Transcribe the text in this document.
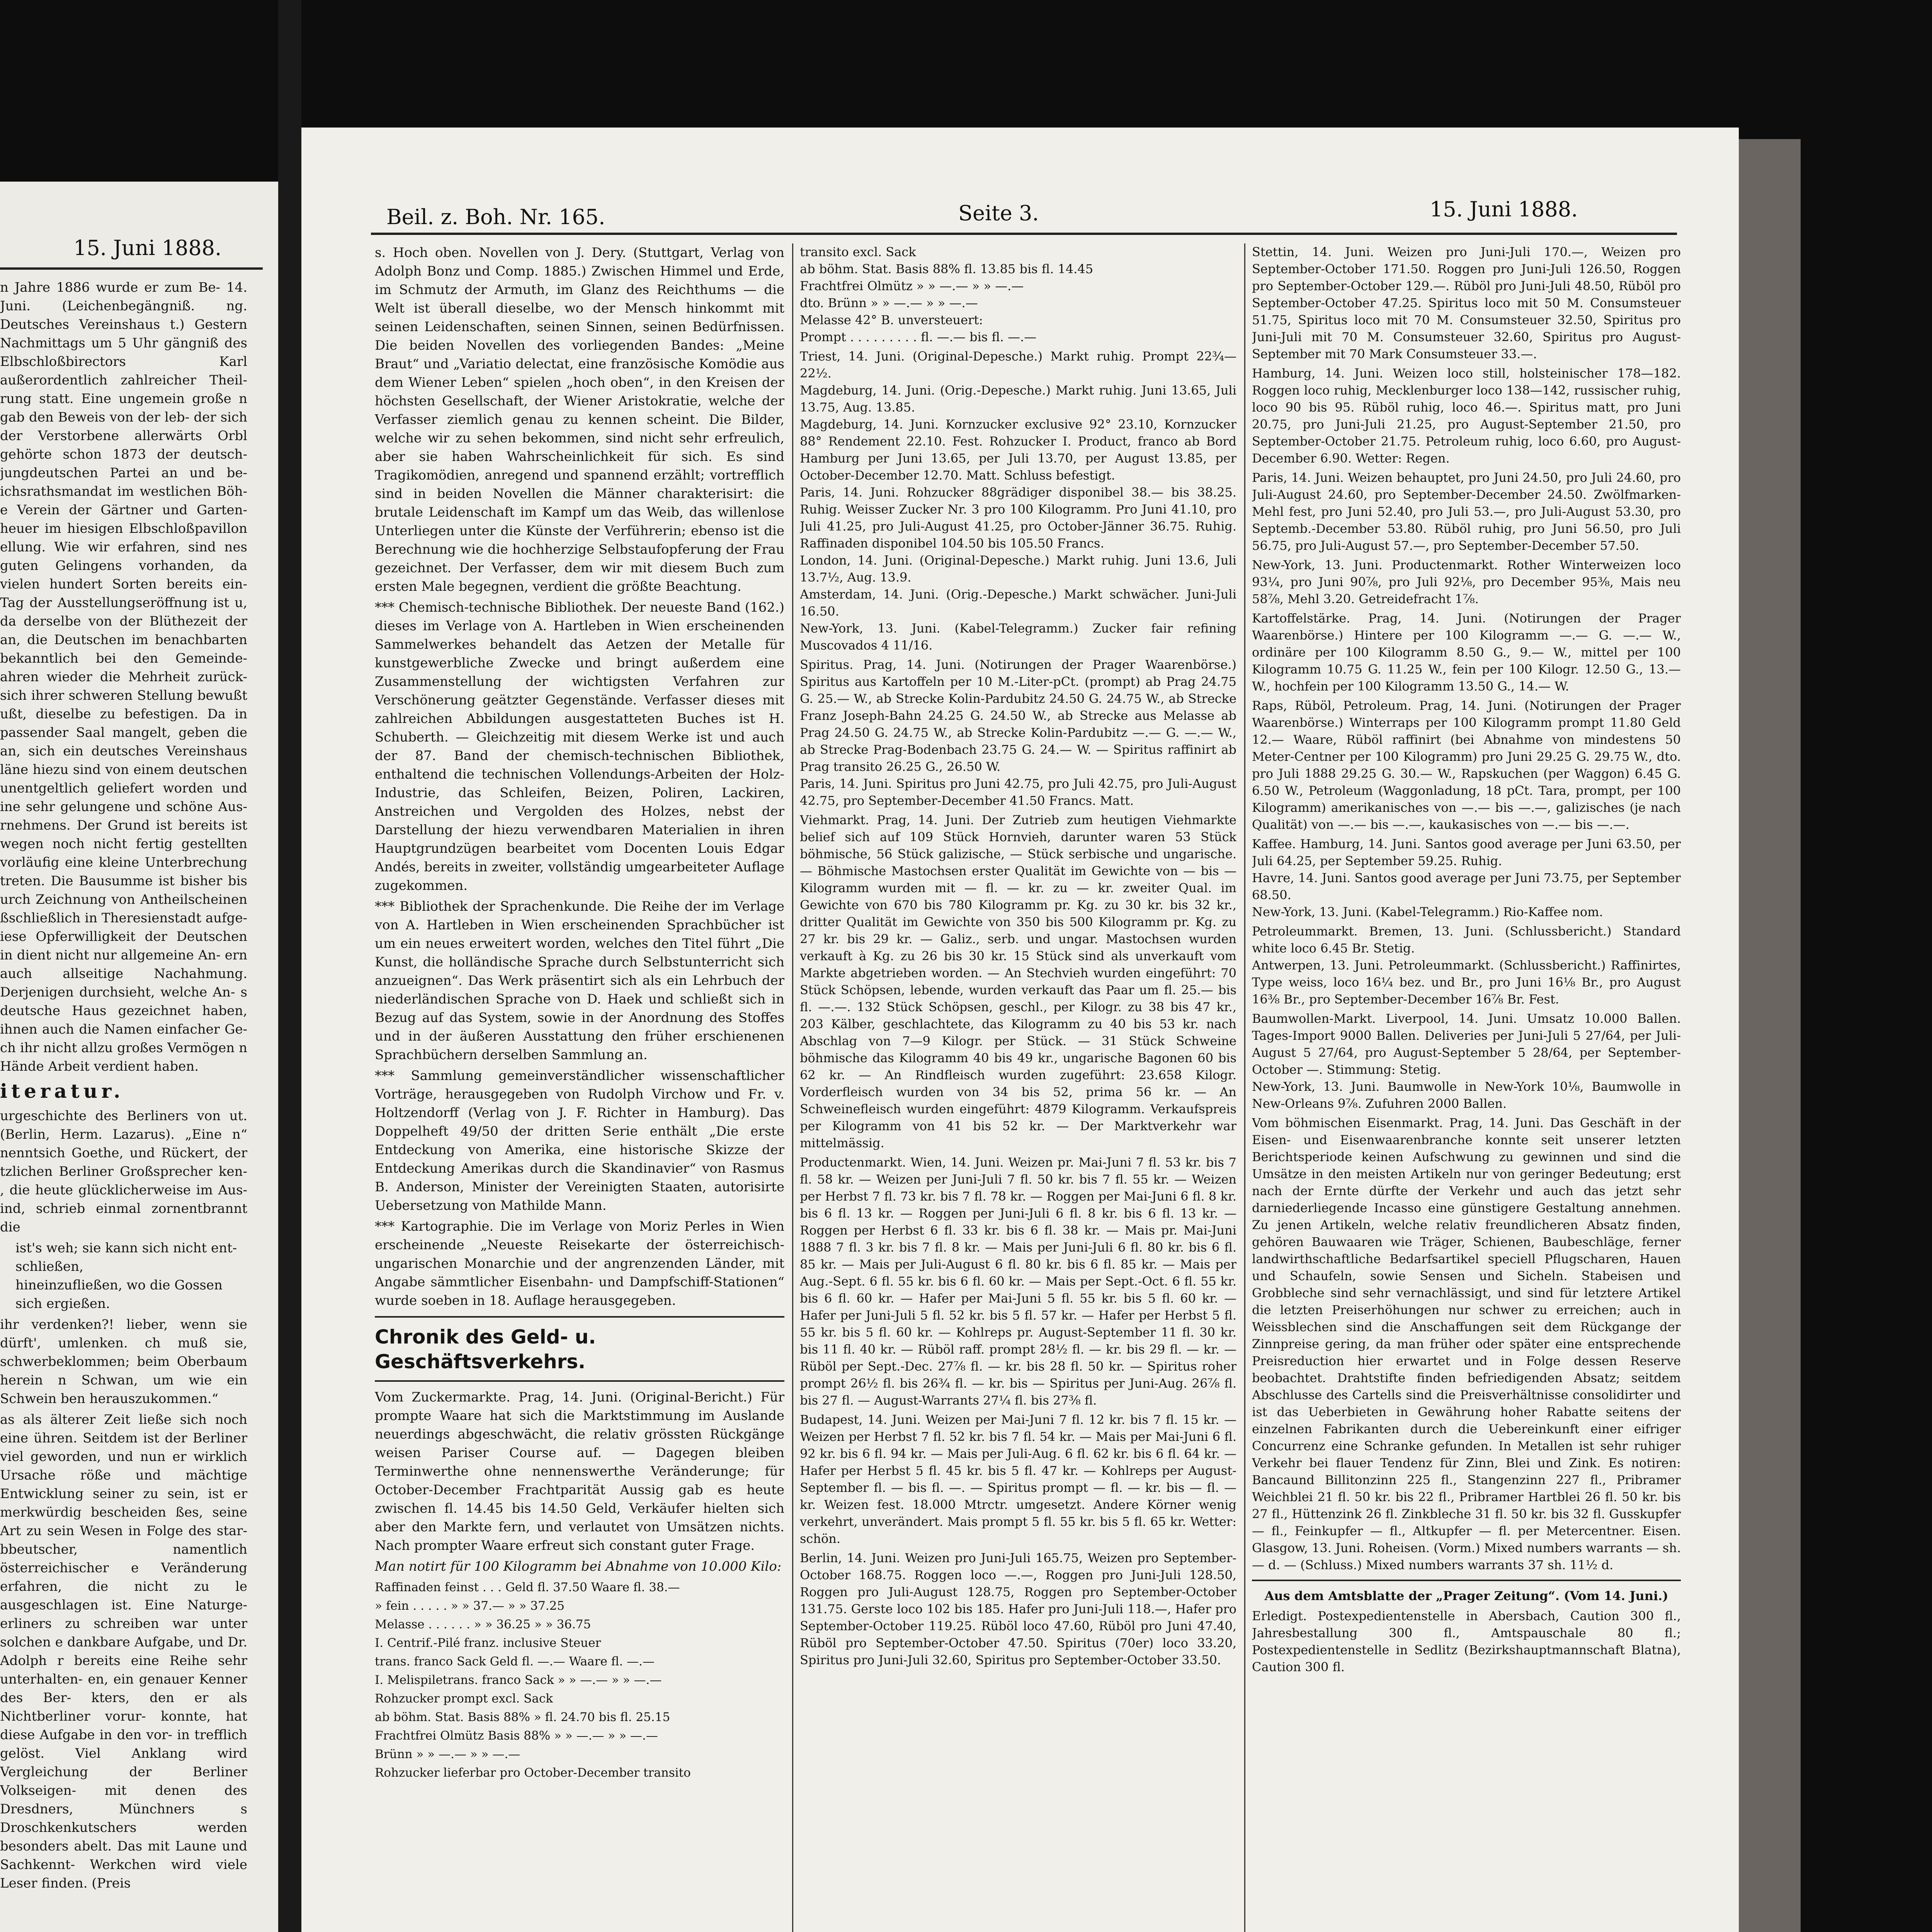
15. Juni 1888.

n Jahre 1886 wurde er zum Be- 14. Juni. (Leichenbegängniß. ng. Deutsches Vereinshaus t.) Gestern Nachmittags um 5 Uhr gängniß des Elbschloßbirectors Karl außerordentlich zahlreicher Theil- rung statt. Eine ungemein große n gab den Beweis von der leb- der sich der Verstorbene allerwärts Orbl gehörte schon 1873 der deutsch- jungdeutschen Partei an und be- ichsrathsmandat im westlichen Böh- e Verein der Gärtner und Garten- heuer im hiesigen Elbschloßpavillon ellung. Wie wir erfahren, sind nes guten Gelingens vorhanden, da vielen hundert Sorten bereits ein- Tag der Ausstellungseröffnung ist u, da derselbe von der Blüthezeit der an, die Deutschen im benachbarten bekanntlich bei den Gemeinde- ahren wieder die Mehrheit zurück- sich ihrer schweren Stellung bewußt ußt, dieselbe zu befestigen. Da in passender Saal mangelt, geben die an, sich ein deutsches Vereinshaus läne hiezu sind von einem deutschen unentgeltlich geliefert worden und ine sehr gelungene und schöne Aus- rnehmens. Der Grund ist bereits ist wegen noch nicht fertig gestellten vorläufig eine kleine Unterbrechung treten. Die Bausumme ist bisher bis urch Zeichnung von Antheilscheinen ßschließlich in Theresienstadt aufge- iese Opferwilligkeit der Deutschen in dient nicht nur allgemeine An- ern auch allseitige Nachahmung. Derjenigen durchsieht, welche An- s deutsche Haus gezeichnet haben, ihnen auch die Namen einfacher Ge- ch ihr nicht allzu großes Vermögen n Hände Arbeit verdient haben.

iteratur.

urgeschichte des Berliners von ut. (Berlin, Herm. Lazarus). „Eine n“ nenntsich Goethe, und Rückert, der tzlichen Berliner Großsprecher ken- , die heute glücklicherweise im Aus- ind, schrieb einmal zornentbrannt die

ist's weh; sie kann sich nicht ent- schließen,
hineinzufließen, wo die Gossen sich ergießen.

ihr verdenken?! lieber, wenn sie dürft', umlenken. ch muß sie, schwerbeklommen; beim Oberbaum herein n Schwan, um wie ein Schwein ben herauszukommen.“

as als älterer Zeit ließe sich noch eine ühren. Seitdem ist der Berliner viel geworden, und nun er wirklich Ursache röße und mächtige Entwicklung seiner zu sein, ist er merkwürdig bescheiden ßes, seine Art zu sein Wesen in Folge des star- bbeutscher, namentlich österreichischer e Veränderung erfahren, die nicht zu le ausgeschlagen ist. Eine Naturge- erliners zu schreiben war unter solchen e dankbare Aufgabe, und Dr. Adolph r bereits eine Reihe sehr unterhalten- en, ein genauer Kenner des Ber- kters, den er als Nichtberliner vorur- konnte, hat diese Aufgabe in den vor- in trefflich gelöst. Viel Anklang wird Vergleichung der Berliner Volkseigen- mit denen des Dresdners, Münchners s Droschkenkutschers werden besonders abelt. Das mit Laune und Sachkennt- Werkchen wird viele Leser finden. (Preis

Beil. z. Boh. Nr. 165.	Seite 3.	15. Juni 1888.

s. Hoch oben. Novellen von J. Dery. (Stuttgart, Verlag von Adolph Bonz und Comp. 1885.) Zwischen Himmel und Erde, im Schmutz der Armuth, im Glanz des Reichthums — die Welt ist überall dieselbe, wo der Mensch hinkommt mit seinen Leidenschaften, seinen Sinnen, seinen Bedürfnissen. Die beiden Novellen des vorliegenden Bandes: „Meine Braut“ und „Variatio delectat, eine französische Komödie aus dem Wiener Leben“ spielen „hoch oben“, in den Kreisen der höchsten Gesellschaft, der Wiener Aristokratie, welche der Verfasser ziemlich genau zu kennen scheint. Die Bilder, welche wir zu sehen bekommen, sind nicht sehr erfreulich, aber sie haben Wahrscheinlichkeit für sich. Es sind Tragikomödien, anregend und spannend erzählt; vortrefflich sind in beiden Novellen die Männer charakterisirt: die brutale Leidenschaft im Kampf um das Weib, das willenlose Unterliegen unter die Künste der Verführerin; ebenso ist die Berechnung wie die hochherzige Selbstaufopferung der Frau gezeichnet. Der Verfasser, dem wir mit diesem Buch zum ersten Male begegnen, verdient die größte Beachtung.

*** Chemisch-technische Bibliothek. Der neueste Band (162.) dieses im Verlage von A. Hartleben in Wien erscheinenden Sammelwerkes behandelt das Aetzen der Metalle für kunstgewerbliche Zwecke und bringt außerdem eine Zusammenstellung der wichtigsten Verfahren zur Verschönerung geätzter Gegenstände. Verfasser dieses mit zahlreichen Abbildungen ausgestatteten Buches ist H. Schuberth. — Gleichzeitig mit diesem Werke ist und auch der 87. Band der chemisch-technischen Bibliothek, enthaltend die technischen Vollendungs-Arbeiten der Holz-Industrie, das Schleifen, Beizen, Poliren, Lackiren, Anstreichen und Vergolden des Holzes, nebst der Darstellung der hiezu verwendbaren Materialien in ihren Hauptgrundzügen bearbeitet vom Docenten Louis Edgar Andés, bereits in zweiter, vollständig umgearbeiteter Auflage zugekommen.

*** Bibliothek der Sprachenkunde. Die Reihe der im Verlage von A. Hartleben in Wien erscheinenden Sprachbücher ist um ein neues erweitert worden, welches den Titel führt „Die Kunst, die holländische Sprache durch Selbstunterricht sich anzueignen“. Das Werk präsentirt sich als ein Lehrbuch der niederländischen Sprache von D. Haek und schließt sich in Bezug auf das System, sowie in der Anordnung des Stoffes und in der äußeren Ausstattung den früher erschienenen Sprachbüchern derselben Sammlung an.

*** Sammlung gemeinverständlicher wissenschaftlicher Vorträge, herausgegeben von Rudolph Virchow und Fr. v. Holtzendorff (Verlag von J. F. Richter in Hamburg). Das Doppelheft 49/50 der dritten Serie enthält „Die erste Entdeckung von Amerika, eine historische Skizze der Entdeckung Amerikas durch die Skandinavier“ von Rasmus B. Anderson, Minister der Vereinigten Staaten, autorisirte Uebersetzung von Mathilde Mann.

*** Kartographie. Die im Verlage von Moriz Perles in Wien erscheinende „Neueste Reisekarte der österreichisch-ungarischen Monarchie und der angrenzenden Länder, mit Angabe sämmtlicher Eisenbahn- und Dampfschiff-Stationen“ wurde soeben in 18. Auflage herausgegeben.

Chronik des Geld- u. Geschäftsverkehrs.

Vom Zuckermarkte. Prag, 14. Juni. (Original-Bericht.) Für prompte Waare hat sich die Marktstimmung im Auslande neuerdings abgeschwächt, die relativ grössten Rückgänge weisen Pariser Course auf. — Dagegen bleiben Terminwerthe ohne nennenswerthe Veränderunge; für October-December Frachtparität Aussig gab es heute zwischen fl. 14.45 bis 14.50 Geld, Verkäufer hielten sich aber den Markte fern, und verlautet von Umsätzen nichts. Nach prompter Waare erfreut sich constant guter Frage.

Man notirt für 100 Kilogramm bei Abnahme von 10.000 Kilo:

Raffinaden feinst . . . Geld fl. 37.50 Waare fl. 38.—
» fein . . . . . » » 37.— » » 37.25
Melasse . . . . . . » » 36.25 » » 36.75
I. Centrif.-Pilé franz. inclusive Steuer
trans. franco Sack Geld fl. —.— Waare fl. —.—
I. Melispiletrans. franco Sack » » —.— » » —.—
Rohzucker prompt excl. Sack
ab böhm. Stat. Basis 88% » fl. 24.70 bis fl. 25.15
Frachtfrei Olmütz Basis 88% » » —.— » » —.—
Brünn » » —.— » » —.—
Rohzucker lieferbar pro October-December transito

transito excl. Sack
ab böhm. Stat. Basis 88% fl. 13.85 bis fl. 14.45
Frachtfrei Olmütz » » —.— » » —.—
dto. Brünn » » —.— » » —.—
Melasse 42° B. unversteuert:
Prompt . . . . . . . . . fl. —.— bis fl. —.—

Triest, 14. Juni. (Original-Depesche.) Markt ruhig. Prompt 22¾—22½.
Magdeburg, 14. Juni. (Orig.-Depesche.) Markt ruhig. Juni 13.65, Juli 13.75, Aug. 13.85.
Magdeburg, 14. Juni. Kornzucker exclusive 92° 23.10, Kornzucker 88° Rendement 22.10. Fest. Rohzucker I. Product, franco ab Bord Hamburg per Juni 13.65, per Juli 13.70, per August 13.85, per October-December 12.70. Matt. Schluss befestigt.
Paris, 14. Juni. Rohzucker 88grädiger disponibel 38.— bis 38.25. Ruhig. Weisser Zucker Nr. 3 pro 100 Kilogramm. Pro Juni 41.10, pro Juli 41.25, pro Juli-August 41.25, pro October-Jänner 36.75. Ruhig. Raffinaden disponibel 104.50 bis 105.50 Francs.
London, 14. Juni. (Original-Depesche.) Markt ruhig. Juni 13.6, Juli 13.7½, Aug. 13.9.
Amsterdam, 14. Juni. (Orig.-Depesche.) Markt schwächer. Juni-Juli 16.50.
New-York, 13. Juni. (Kabel-Telegramm.) Zucker fair refining Muscovados 4 11/16.

Spiritus. Prag, 14. Juni. (Notirungen der Prager Waarenbörse.) Spiritus aus Kartoffeln per 10 M.-Liter-pCt. (prompt) ab Prag 24.75 G. 25.— W., ab Strecke Kolin-Pardubitz 24.50 G. 24.75 W., ab Strecke Franz Joseph-Bahn 24.25 G. 24.50 W., ab Strecke aus Melasse ab Prag 24.50 G. 24.75 W., ab Strecke Kolin-Pardubitz —.— G. —.— W., ab Strecke Prag-Bodenbach 23.75 G. 24.— W. — Spiritus raffinirt ab Prag transito 26.25 G., 26.50 W.
Paris, 14. Juni. Spiritus pro Juni 42.75, pro Juli 42.75, pro Juli-August 42.75, pro September-December 41.50 Francs. Matt.

Viehmarkt. Prag, 14. Juni. Der Zutrieb zum heutigen Viehmarkte belief sich auf 109 Stück Hornvieh, darunter waren 53 Stück böhmische, 56 Stück galizische, — Stück serbische und ungarische. — Böhmische Mastochsen erster Qualität im Gewichte von — bis — Kilogramm wurden mit — fl. — kr. zu — kr. zweiter Qual. im Gewichte von 670 bis 780 Kilogramm pr. Kg. zu 30 kr. bis 32 kr., dritter Qualität im Gewichte von 350 bis 500 Kilogramm pr. Kg. zu 27 kr. bis 29 kr. — Galiz., serb. und ungar. Mastochsen wurden verkauft à Kg. zu 26 bis 30 kr. 15 Stück sind als unverkauft vom Markte abgetrieben worden. — An Stechvieh wurden eingeführt: 70 Stück Schöpsen, lebende, wurden verkauft das Paar um fl. 25.— bis fl. —.—. 132 Stück Schöpsen, geschl., per Kilogr. zu 38 bis 47 kr., 203 Kälber, geschlachtete, das Kilogramm zu 40 bis 53 kr. nach Abschlag von 7—9 Kilogr. per Stück. — 31 Stück Schweine böhmische das Kilogramm 40 bis 49 kr., ungarische Bagonen 60 bis 62 kr. — An Rindfleisch wurden zugeführt: 23.658 Kilogr. Vorderfleisch wurden von 34 bis 52, prima 56 kr. — An Schweinefleisch wurden eingeführt: 4879 Kilogramm. Verkaufspreis per Kilogramm von 41 bis 52 kr. — Der Marktverkehr war mittelmässig.

Productenmarkt. Wien, 14. Juni. Weizen pr. Mai-Juni 7 fl. 53 kr. bis 7 fl. 58 kr. — Weizen per Juni-Juli 7 fl. 50 kr. bis 7 fl. 55 kr. — Weizen per Herbst 7 fl. 73 kr. bis 7 fl. 78 kr. — Roggen per Mai-Juni 6 fl. 8 kr. bis 6 fl. 13 kr. — Roggen per Juni-Juli 6 fl. 8 kr. bis 6 fl. 13 kr. — Roggen per Herbst 6 fl. 33 kr. bis 6 fl. 38 kr. — Mais pr. Mai-Juni 1888 7 fl. 3 kr. bis 7 fl. 8 kr. — Mais per Juni-Juli 6 fl. 80 kr. bis 6 fl. 85 kr. — Mais per Juli-August 6 fl. 80 kr. bis 6 fl. 85 kr. — Mais per Aug.-Sept. 6 fl. 55 kr. bis 6 fl. 60 kr. — Mais per Sept.-Oct. 6 fl. 55 kr. bis 6 fl. 60 kr. — Hafer per Mai-Juni 5 fl. 55 kr. bis 5 fl. 60 kr. — Hafer per Juni-Juli 5 fl. 52 kr. bis 5 fl. 57 kr. — Hafer per Herbst 5 fl. 55 kr. bis 5 fl. 60 kr. — Kohlreps pr. August-September 11 fl. 30 kr. bis 11 fl. 40 kr. — Rüböl raff. prompt 28½ fl. — kr. bis 29 fl. — kr. — Rüböl per Sept.-Dec. 27⅞ fl. — kr. bis 28 fl. 50 kr. — Spiritus roher prompt 26½ fl. bis 26¾ fl. — kr. bis — Spiritus per Juni-Aug. 26⅞ fl. bis 27 fl. — August-Warrants 27¼ fl. bis 27⅜ fl.

Budapest, 14. Juni. Weizen per Mai-Juni 7 fl. 12 kr. bis 7 fl. 15 kr. — Weizen per Herbst 7 fl. 52 kr. bis 7 fl. 54 kr. — Mais per Mai-Juni 6 fl. 92 kr. bis 6 fl. 94 kr. — Mais per Juli-Aug. 6 fl. 62 kr. bis 6 fl. 64 kr. — Hafer per Herbst 5 fl. 45 kr. bis 5 fl. 47 kr. — Kohlreps per August-September fl. — bis fl. —. — Spiritus prompt — fl. — kr. bis — fl. — kr. Weizen fest. 18.000 Mtrctr. umgesetzt. Andere Körner wenig verkehrt, unverändert. Mais prompt 5 fl. 55 kr. bis 5 fl. 65 kr. Wetter: schön.

Berlin, 14. Juni. Weizen pro Juni-Juli 165.75, Weizen pro September-October 168.75. Roggen loco —.—, Roggen pro Juni-Juli 128.50, Roggen pro Juli-August 128.75, Roggen pro September-October 131.75. Gerste loco 102 bis 185. Hafer pro Juni-Juli 118.—, Hafer pro September-October 119.25. Rüböl loco 47.60, Rüböl pro Juni 47.40, Rüböl pro September-October 47.50. Spiritus (70er) loco 33.20, Spiritus pro Juni-Juli 32.60, Spiritus pro September-October 33.50.

Stettin, 14. Juni. Weizen pro Juni-Juli 170.—, Weizen pro September-October 171.50. Roggen pro Juni-Juli 126.50, Roggen pro September-October 129.—. Rüböl pro Juni-Juli 48.50, Rüböl pro September-October 47.25. Spiritus loco mit 50 M. Consumsteuer 51.75, Spiritus loco mit 70 M. Consumsteuer 32.50, Spiritus pro Juni-Juli mit 70 M. Consumsteuer 32.60, Spiritus pro August-September mit 70 Mark Consumsteuer 33.—.

Hamburg, 14. Juni. Weizen loco still, holsteinischer 178—182. Roggen loco ruhig, Mecklenburger loco 138—142, russischer ruhig, loco 90 bis 95. Rüböl ruhig, loco 46.—. Spiritus matt, pro Juni 20.75, pro Juni-Juli 21.25, pro August-September 21.50, pro September-October 21.75. Petroleum ruhig, loco 6.60, pro August-December 6.90. Wetter: Regen.

Paris, 14. Juni. Weizen behauptet, pro Juni 24.50, pro Juli 24.60, pro Juli-August 24.60, pro September-December 24.50. Zwölfmarken-Mehl fest, pro Juni 52.40, pro Juli 53.—, pro Juli-August 53.30, pro Septemb.-December 53.80. Rüböl ruhig, pro Juni 56.50, pro Juli 56.75, pro Juli-August 57.—, pro September-December 57.50.

New-York, 13. Juni. Productenmarkt. Rother Winterweizen loco 93¼, pro Juni 90⅞, pro Juli 92⅛, pro December 95⅜, Mais neu 58⅞, Mehl 3.20. Getreidefracht 1⅞.

Kartoffelstärke. Prag, 14. Juni. (Notirungen der Prager Waarenbörse.) Hintere per 100 Kilogramm —.— G. —.— W., ordinäre per 100 Kilogramm 8.50 G., 9.— W., mittel per 100 Kilogramm 10.75 G. 11.25 W., fein per 100 Kilogr. 12.50 G., 13.— W., hochfein per 100 Kilogramm 13.50 G., 14.— W.

Raps, Rüböl, Petroleum. Prag, 14. Juni. (Notirungen der Prager Waarenbörse.) Winterraps per 100 Kilogramm prompt 11.80 Geld 12.— Waare, Rüböl raffinirt (bei Abnahme von mindestens 50 Meter-Centner per 100 Kilogramm) pro Juni 29.25 G. 29.75 W., dto. pro Juli 1888 29.25 G. 30.— W., Rapskuchen (per Waggon) 6.45 G. 6.50 W., Petroleum (Waggonladung, 18 pCt. Tara, prompt, per 100 Kilogramm) amerikanisches von —.— bis —.—, galizisches (je nach Qualität) von —.— bis —.—, kaukasisches von —.— bis —.—.

Kaffee. Hamburg, 14. Juni. Santos good average per Juni 63.50, per Juli 64.25, per September 59.25. Ruhig.
Havre, 14. Juni. Santos good average per Juni 73.75, per September 68.50.
New-York, 13. Juni. (Kabel-Telegramm.) Rio-Kaffee nom.

Petroleummarkt. Bremen, 13. Juni. (Schlussbericht.) Standard white loco 6.45 Br. Stetig.
Antwerpen, 13. Juni. Petroleummarkt. (Schlussbericht.) Raffinirtes, Type weiss, loco 16¼ bez. und Br., pro Juni 16⅛ Br., pro August 16⅜ Br., pro September-December 16⅞ Br. Fest.

Baumwollen-Markt. Liverpool, 14. Juni. Umsatz 10.000 Ballen. Tages-Import 9000 Ballen. Deliveries per Juni-Juli 5 27/64, per Juli-August 5 27/64, pro August-September 5 28/64, per September-October —. Stimmung: Stetig.
New-York, 13. Juni. Baumwolle in New-York 10⅛, Baumwolle in New-Orleans 9⅞. Zufuhren 2000 Ballen.

Vom böhmischen Eisenmarkt. Prag, 14. Juni. Das Geschäft in der Eisen- und Eisenwaarenbranche konnte seit unserer letzten Berichtsperiode keinen Aufschwung zu gewinnen und sind die Umsätze in den meisten Artikeln nur von geringer Bedeutung; erst nach der Ernte dürfte der Verkehr und auch das jetzt sehr darniederliegende Incasso eine günstigere Gestaltung annehmen. Zu jenen Artikeln, welche relativ freundlicheren Absatz finden, gehören Bauwaaren wie Träger, Schienen, Baubeschläge, ferner landwirthschaftliche Bedarfsartikel speciell Pflugscharen, Hauen und Schaufeln, sowie Sensen und Sicheln. Stabeisen und Grobbleche sind sehr vernachlässigt, und sind für letztere Artikel die letzten Preiserhöhungen nur schwer zu erreichen; auch in Weissblechen sind die Anschaffungen seit dem Rückgange der Zinnpreise gering, da man früher oder später eine entsprechende Preisreduction hier erwartet und in Folge dessen Reserve beobachtet. Drahtstifte finden befriedigenden Absatz; seitdem Abschlusse des Cartells sind die Preisverhältnisse consolidirter und ist das Ueberbieten in Gewährung hoher Rabatte seitens der einzelnen Fabrikanten durch die Uebereinkunft einer eifriger Concurrenz eine Schranke gefunden. In Metallen ist sehr ruhiger Verkehr bei flauer Tendenz für Zinn, Blei und Zink. Es notiren: Bancaund Billitonzinn 225 fl., Stangenzinn 227 fl., Pribramer Weichblei 21 fl. 50 kr. bis 22 fl., Pribramer Hartblei 26 fl. 50 kr. bis 27 fl., Hüttenzink 26 fl. Zinkbleche 31 fl. 50 kr. bis 32 fl. Gusskupfer — fl., Feinkupfer — fl., Altkupfer — fl. per Metercentner. Eisen. Glasgow, 13. Juni. Roheisen. (Vorm.) Mixed numbers warrants — sh. — d. — (Schluss.) Mixed numbers warrants 37 sh. 11½ d.

Aus dem Amtsblatte der „Prager Zeitung“. (Vom 14. Juni.)

Erledigt. Postexpedientenstelle in Abersbach, Caution 300 fl., Jahresbestallung 300 fl., Amtspauschale 80 fl.; Postexpedientenstelle in Sedlitz (Bezirkshauptmannschaft Blatna), Caution 300 fl.
